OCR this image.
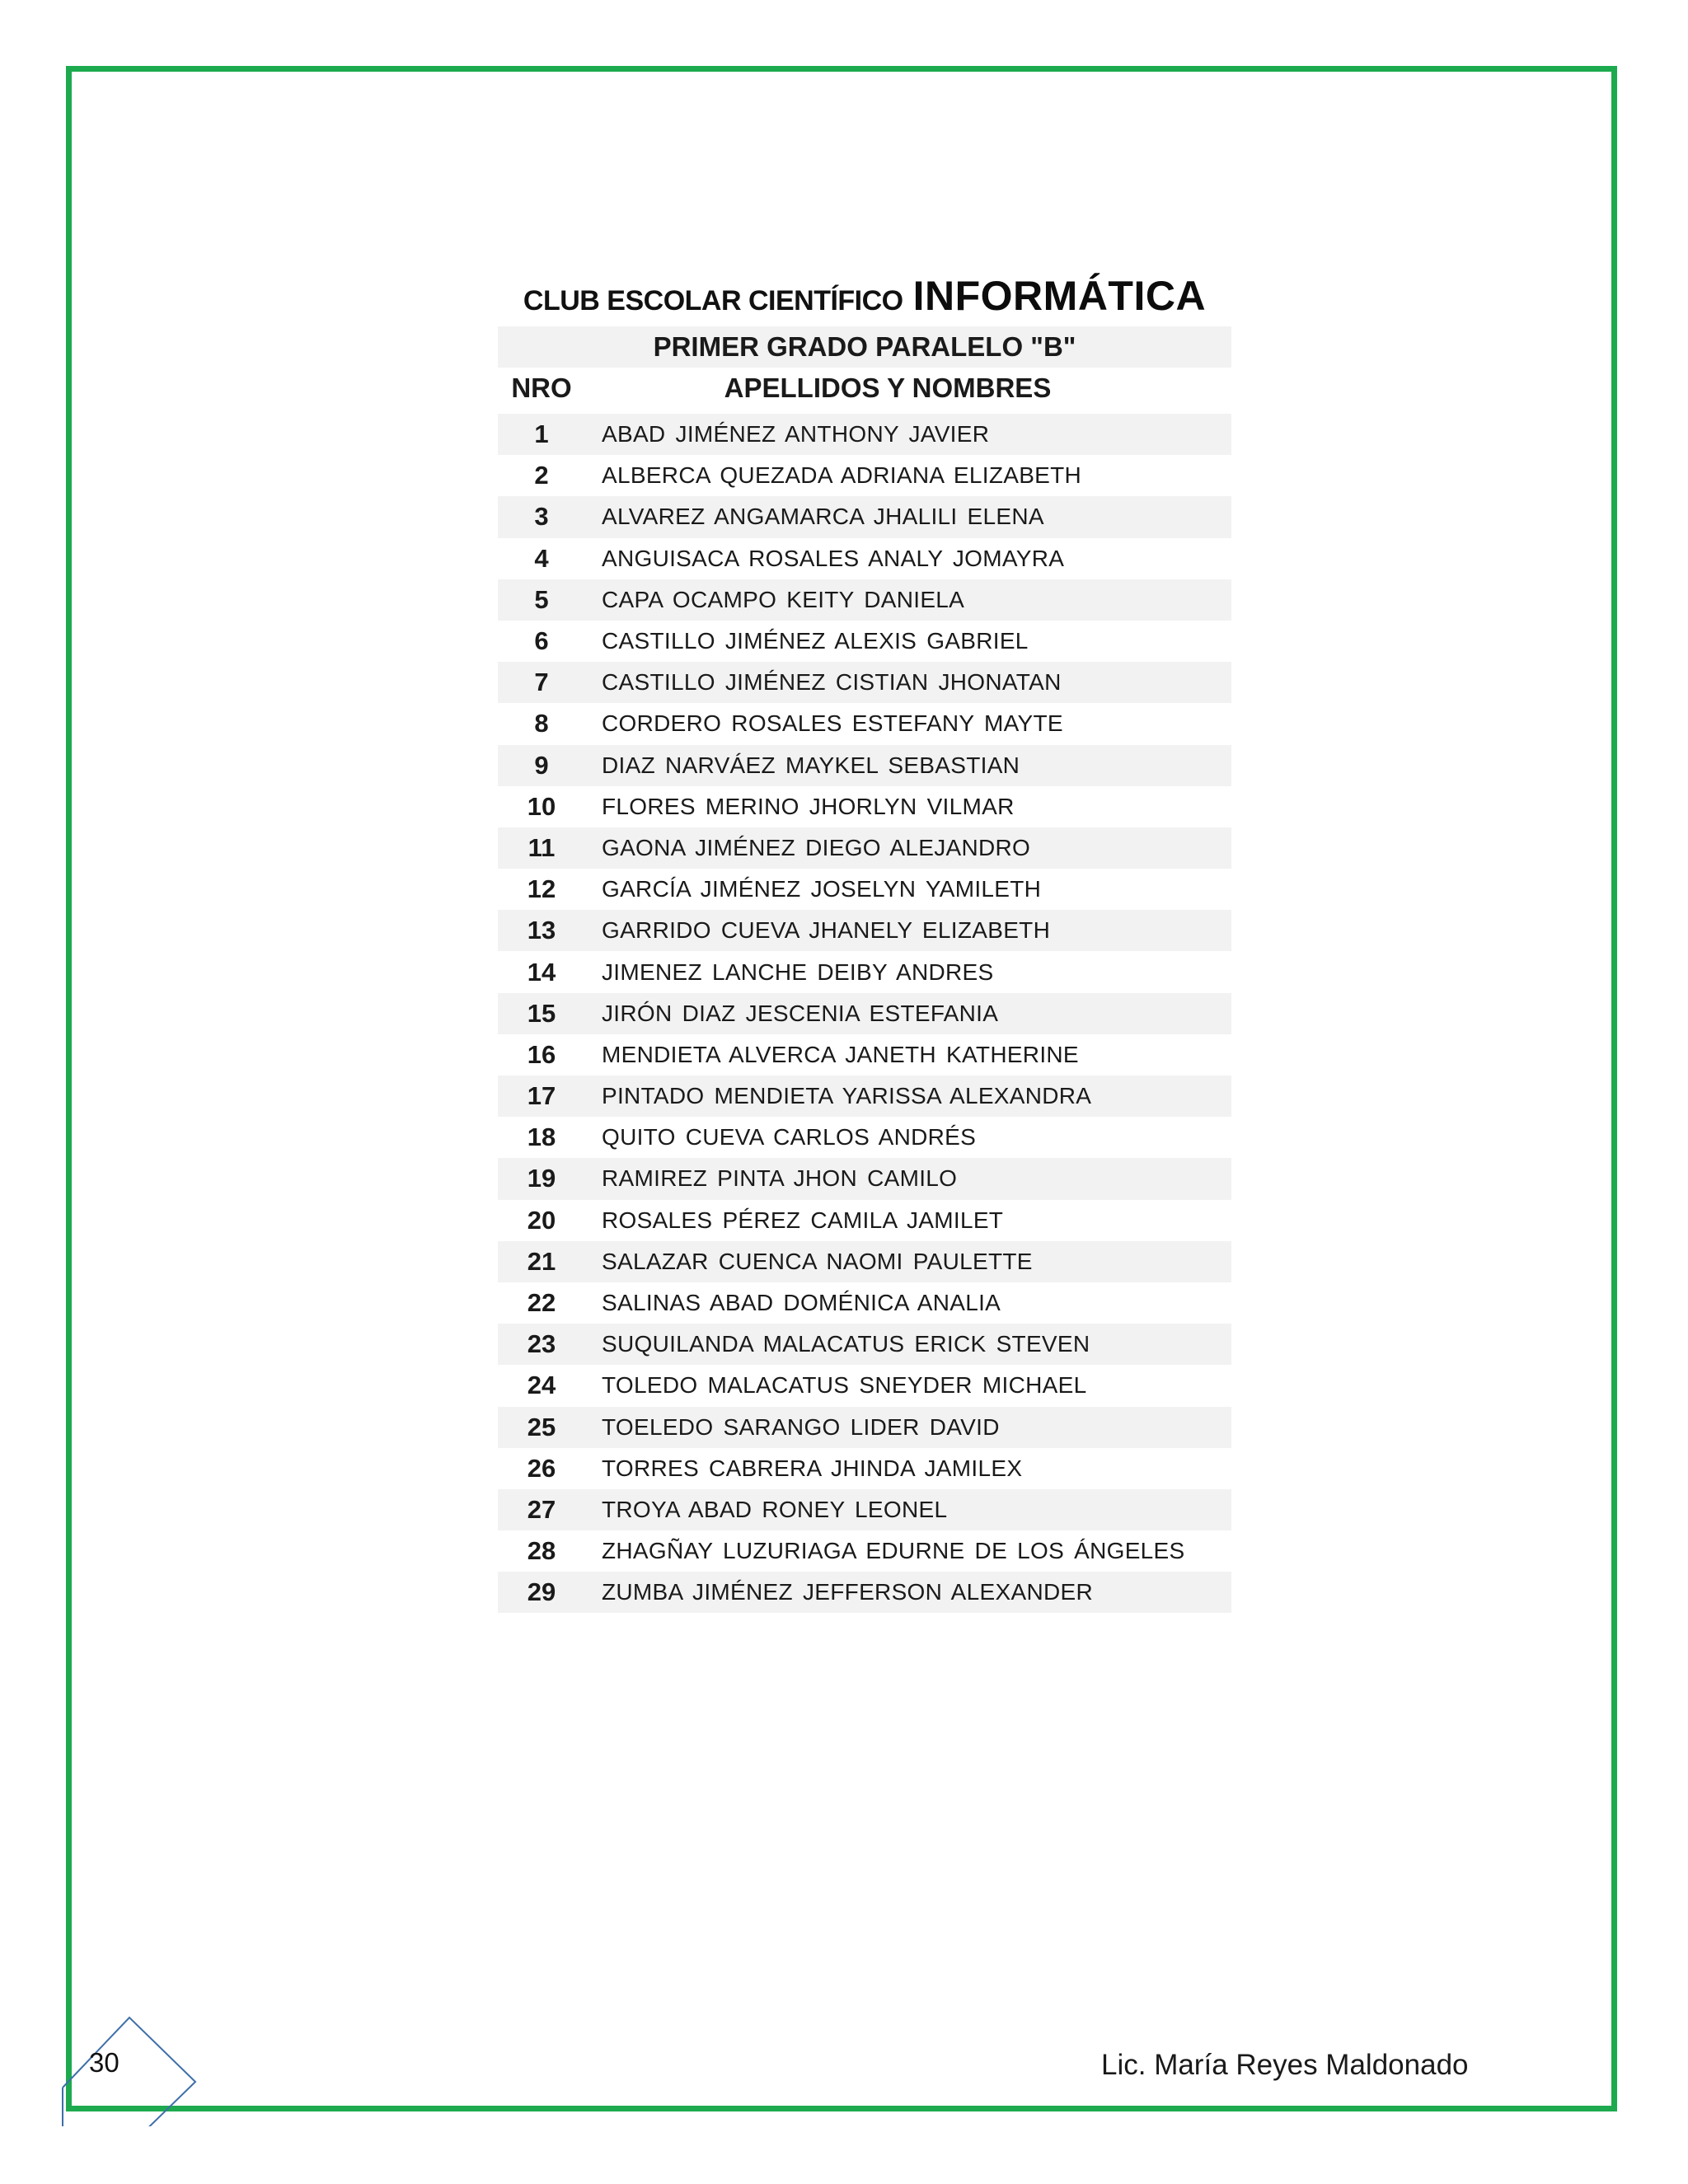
CLUB ESCOLAR CIENTÍFICO INFORMÁTICA
PRIMER GRADO PARALELO "B"
NRO	APELLIDOS Y NOMBRES
1	ABAD JIMÉNEZ ANTHONY JAVIER
2	ALBERCA QUEZADA ADRIANA ELIZABETH
3	ALVAREZ ANGAMARCA JHALILI ELENA
4	ANGUISACA ROSALES ANALY JOMAYRA
5	CAPA OCAMPO KEITY DANIELA
6	CASTILLO JIMÉNEZ ALEXIS GABRIEL
7	CASTILLO JIMÉNEZ CISTIAN JHONATAN
8	CORDERO ROSALES ESTEFANY MAYTE
9	DIAZ NARVÁEZ MAYKEL SEBASTIAN
10	FLORES MERINO JHORLYN VILMAR
11	GAONA JIMÉNEZ DIEGO ALEJANDRO
12	GARCÍA JIMÉNEZ JOSELYN YAMILETH
13	GARRIDO CUEVA JHANELY ELIZABETH
14	JIMENEZ LANCHE DEIBY ANDRES
15	JIRÓN DIAZ JESCENIA ESTEFANIA
16	MENDIETA ALVERCA JANETH KATHERINE
17	PINTADO MENDIETA YARISSA ALEXANDRA
18	QUITO CUEVA CARLOS ANDRÉS
19	RAMIREZ PINTA JHON CAMILO
20	ROSALES PÉREZ CAMILA JAMILET
21	SALAZAR CUENCA NAOMI PAULETTE
22	SALINAS ABAD DOMÉNICA ANALIA
23	SUQUILANDA MALACATUS ERICK STEVEN
24	TOLEDO MALACATUS SNEYDER MICHAEL
25	TOELEDO SARANGO LIDER DAVID
26	TORRES CABRERA JHINDA JAMILEX
27	TROYA ABAD RONEY LEONEL
28	ZHAGÑAY LUZURIAGA EDURNE DE LOS ÁNGELES
29	ZUMBA JIMÉNEZ JEFFERSON ALEXANDER
30	Lic. María Reyes Maldonado
